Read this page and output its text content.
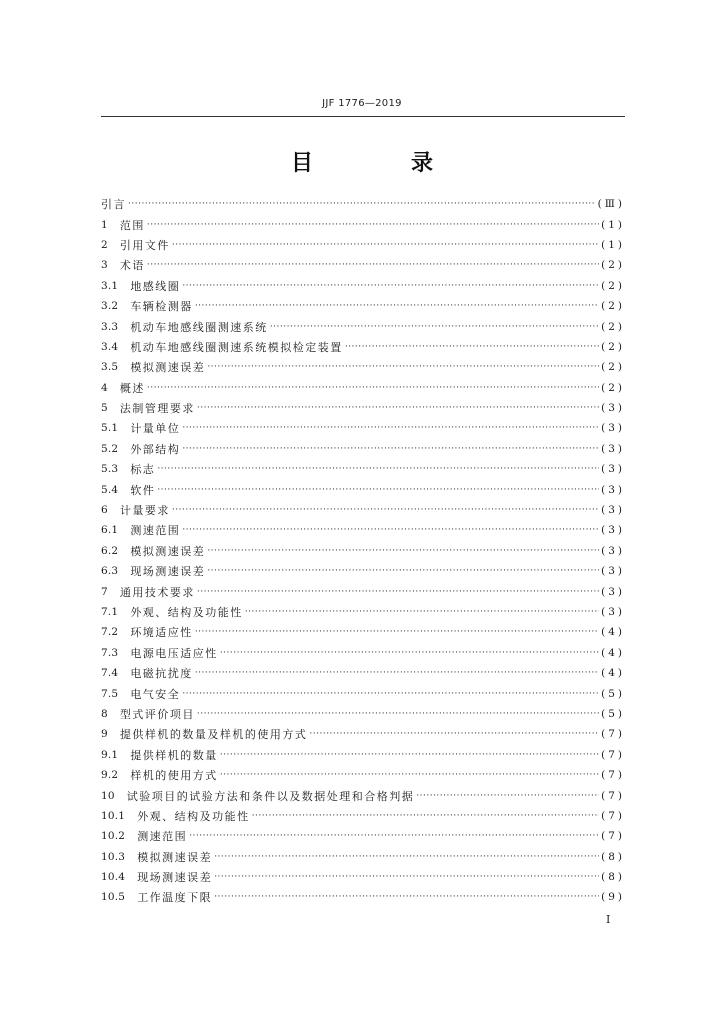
JJF 1776—2019
目　录
引言 ·····	(Ⅲ)
1	范围 ·····	(1)
2	引用文件 ·····	(1)
3	术语 ·····	(2)
3.1	地感线圈 ·····	(2)
3.2	车辆检测器 ·····	(2)
3.3	机动车地感线圈测速系统 ·····	(2)
3.4	机动车地感线圈测速系统模拟检定装置 ·····	(2)
3.5	模拟测速误差 ·····	(2)
4	概述 ·····	(2)
5	法制管理要求 ·····	(3)
5.1	计量单位 ·····	(3)
5.2	外部结构 ·····	(3)
5.3	标志 ·····	(3)
5.4	软件 ·····	(3)
6	计量要求 ·····	(3)
6.1	测速范围 ·····	(3)
6.2	模拟测速误差 ·····	(3)
6.3	现场测速误差 ·····	(3)
7	通用技术要求 ·····	(3)
7.1	外观、结构及功能性 ·····	(3)
7.2	环境适应性 ·····	(4)
7.3	电源电压适应性 ·····	(4)
7.4	电磁抗扰度 ·····	(4)
7.5	电气安全 ·····	(5)
8	型式评价项目 ·····	(5)
9	提供样机的数量及样机的使用方式 ·····	(7)
9.1	提供样机的数量 ·····	(7)
9.2	样机的使用方式 ·····	(7)
10	试验项目的试验方法和条件以及数据处理和合格判据 ·····	(7)
10.1	外观、结构及功能性 ·····	(7)
10.2	测速范围 ·····	(7)
10.3	模拟测速误差 ·····	(8)
10.4	现场测速误差 ·····	(8)
10.5	工作温度下限 ·····	(9)
I
